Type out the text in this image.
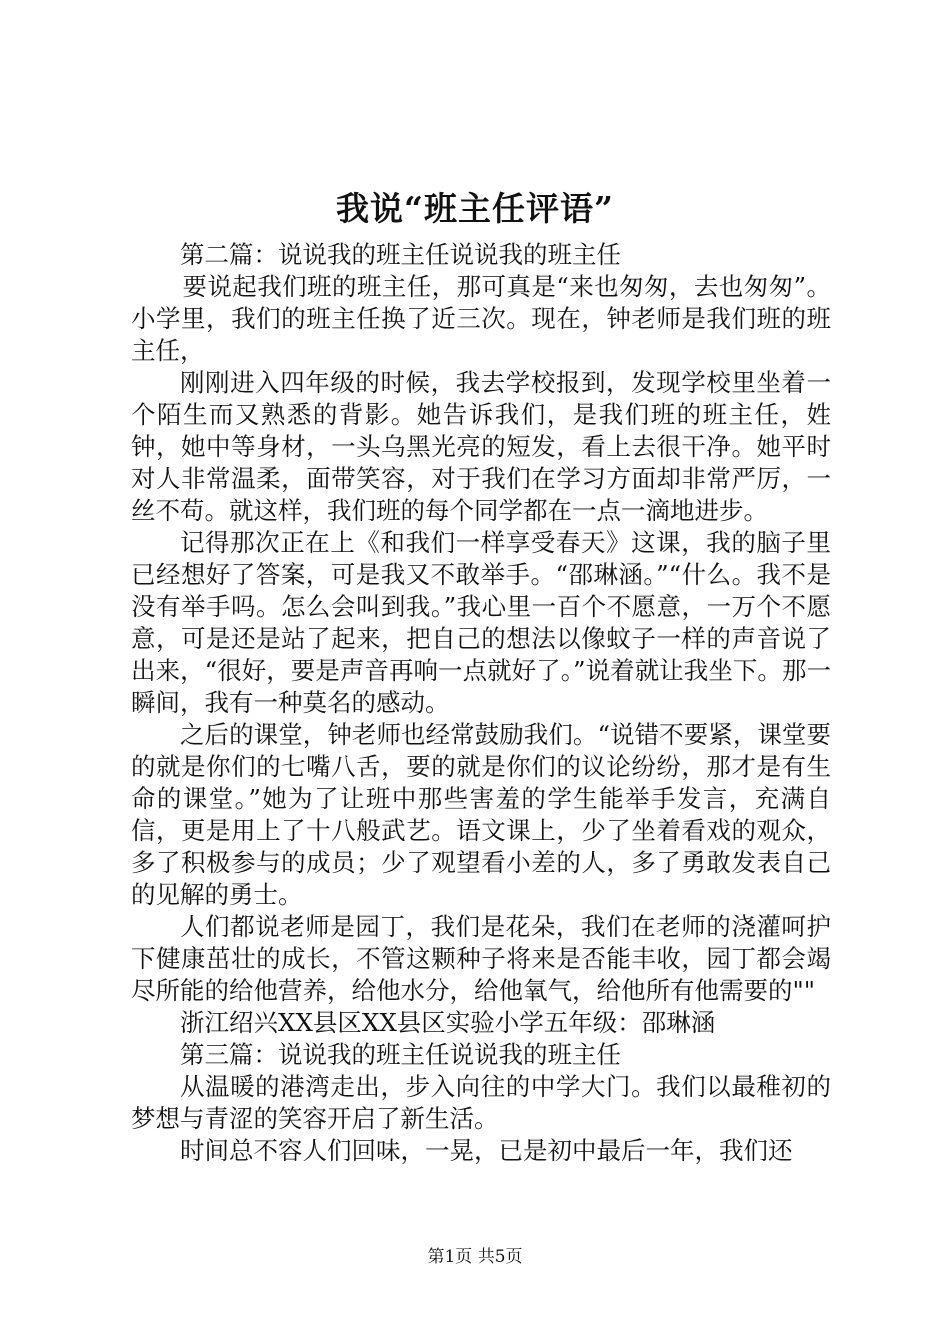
我说“班主任评语”

第二篇：说说我的班主任说说我的班主任

要说起我们班的班主任，那可真是“来也匆匆，去也匆匆”。小学里，我们的班主任换了近三次。现在，钟老师是我们班的班主任，

刚刚进入四年级的时候，我去学校报到，发现学校里坐着一个陌生而又熟悉的背影。她告诉我们，是我们班的班主任，姓钟，她中等身材，一头乌黑光亮的短发，看上去很干净。她平时对人非常温柔，面带笑容，对于我们在学习方面却非常严厉，一丝不苟。就这样，我们班的每个同学都在一点一滴地进步。

记得那次正在上《和我们一样享受春天》这课，我的脑子里已经想好了答案，可是我又不敢举手。“邵琳涵。”“什么。我不是没有举手吗。怎么会叫到我。”我心里一百个不愿意，一万个不愿意，可是还是站了起来，把自己的想法以像蚊子一样的声音说了出来，“很好，要是声音再响一点就好了。”说着就让我坐下。那一瞬间，我有一种莫名的感动。

之后的课堂，钟老师也经常鼓励我们。“说错不要紧，课堂要的就是你们的七嘴八舌，要的就是你们的议论纷纷，那才是有生命的课堂。”她为了让班中那些害羞的学生能举手发言，充满自信，更是用上了十八般武艺。语文课上，少了坐着看戏的观众，多了积极参与的成员；少了观望看小差的人，多了勇敢发表自己的见解的勇士。

人们都说老师是园丁，我们是花朵，我们在老师的浇灌呵护下健康茁壮的成长，不管这颗种子将来是否能丰收，园丁都会竭尽所能的给他营养，给他水分，给他氧气，给他所有他需要的""

浙江绍兴XX县区XX县区实验小学五年级：邵琳涵

第三篇：说说我的班主任说说我的班主任

从温暖的港湾走出，步入向往的中学大门。我们以最稚初的梦想与青涩的笑容开启了新生活。

时间总不容人们回味，一晃，已是初中最后一年，我们还

第1页 共5页
